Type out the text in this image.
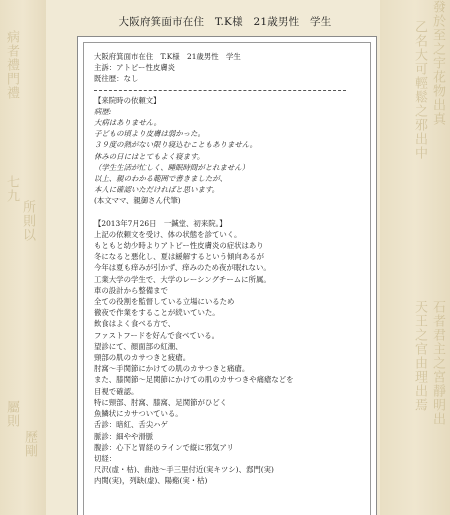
病者禮門禮
所則以
七九
屬則
歷剛
發於至之宇花物出真
乙名大可輕鬆之邪出中
石者君主之宮靜明出
天王之官由理出焉
大阪府箕面市在住　T.K様　21歳男性　学生
大阪府箕面市在住　T.K様　21歳男性　学生
主訴：アトピー性皮膚炎
既往歴：なし
【来院時の依頼文】
病歴:
大病はありません。
子どもの頃より皮膚は弱かった。
３９度の熱がない限り寝込むこともありません。
休みの日にはとてもよく寝ます。
（学生生活が忙しく、睡眠時間がとれません）
以上、親のわかる範囲で書きましたが、
本人に確認いただければと思います。
(本文ママ、親御さん代筆)
【2013年7月26日　一鍼堂、初来院。】
上記の依頼文を受け、体の状態を診ていく。
もともと幼少時よりアトピー性皮膚炎の症状はあり
冬になると悪化し、夏は緩解するという傾向あるが
今年は夏も痒みが引かず、痒みのため夜が眠れない。
工業大学の学生で、大学のレーシングチームに所属。
車の設計から整備まで
全ての役割を監督している立場にいるため
徹夜で作業をすることが続いていた。
飲食はよく食べる方で、
ファストフードを好んで食べている。
望診にて、顔面部の紅潮、
頸部の肌のカサつきと疲瘡。
肘窩〜手関節にかけての肌のカサつきと痛瘡。
また、膝関節〜足関節にかけての肌のカサつきや痛瘡などを
目視で確認。
特に頸部、肘窩、膝窩、足関節がひどく
魚鱗状にカサついている。
舌診：暗紅、舌尖ハゲ
脈診：細やや滑脈
腹診：心下と胃経のラインで縦に邪気アリ
切経：
尺沢(虚・枯)、曲池〜手三里付近(実キツシ)、郄門(実)
内関(実)，列缺(虚)、陽谿(実・枯)
